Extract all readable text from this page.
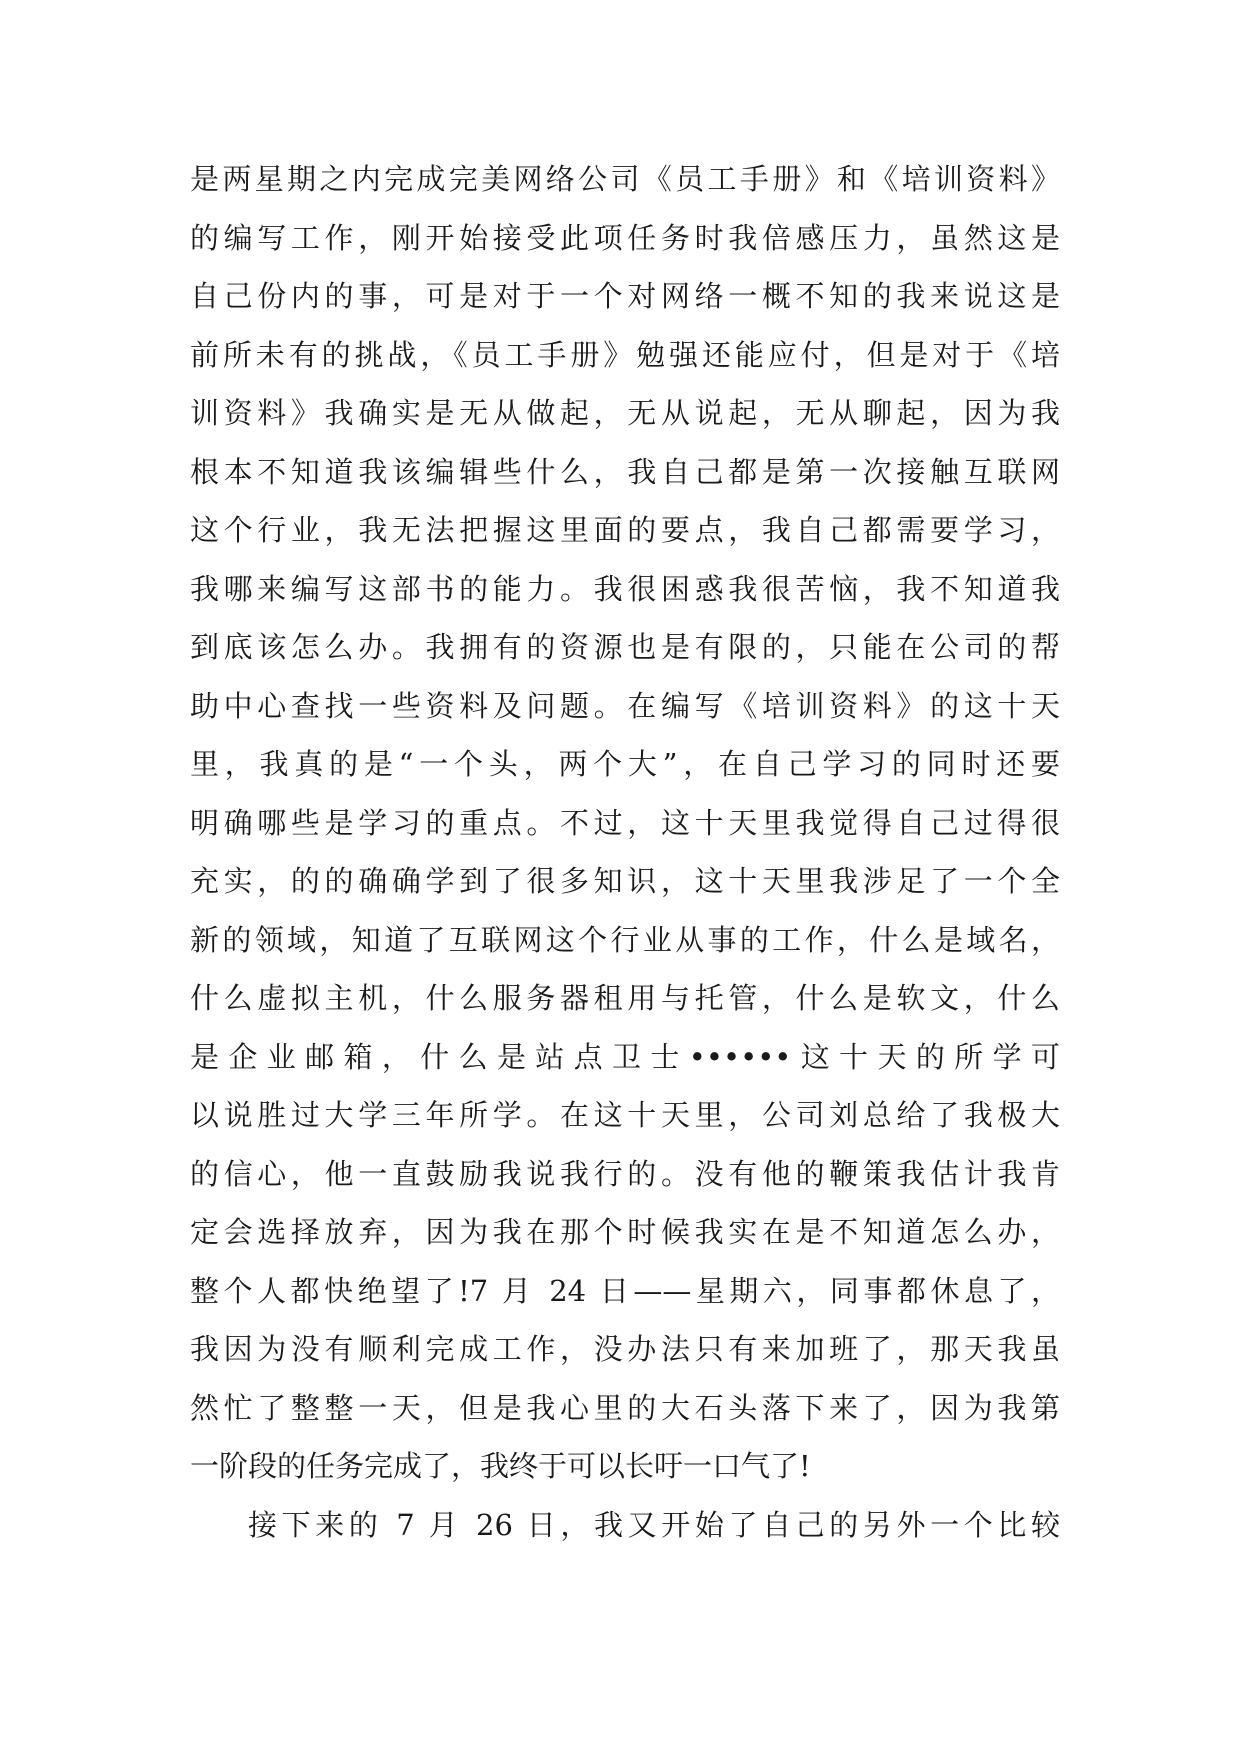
是两星期之内完成完美网络公司《员工手册》和《培训资料》
的编写工作，刚开始接受此项任务时我倍感压力，虽然这是
自己份内的事，可是对于一个对网络一概不知的我来说这是
前所未有的挑战，《员工手册》勉强还能应付，但是对于《培
训资料》我确实是无从做起，无从说起，无从聊起，因为我
根本不知道我该编辑些什么，我自己都是第一次接触互联网
这个行业，我无法把握这里面的要点，我自己都需要学习，
我哪来编写这部书的能力。我很困惑我很苦恼，我不知道我
到底该怎么办。我拥有的资源也是有限的，只能在公司的帮
助中心查找一些资料及问题。在编写《培训资料》的这十天
里，我真的是“一个头，两个大”，在自己学习的同时还要
明确哪些是学习的重点。不过，这十天里我觉得自己过得很
充实，的的确确学到了很多知识，这十天里我涉足了一个全
新的领域，知道了互联网这个行业从事的工作，什么是域名，
什么虚拟主机，什么服务器租用与托管，什么是软文，什么
是企业邮箱，什么是站点卫士••••••这十天的所学可
以说胜过大学三年所学。在这十天里，公司刘总给了我极大
的信心，他一直鼓励我说我行的。没有他的鞭策我估计我肯
定会选择放弃，因为我在那个时候我实在是不知道怎么办，
整个人都快绝望了!7 月 24 日——星期六，同事都休息了，
我因为没有顺利完成工作，没办法只有来加班了，那天我虽
然忙了整整一天，但是我心里的大石头落下来了，因为我第
一阶段的任务完成了，我终于可以长吁一口气了!
接下来的 7 月 26 日，我又开始了自己的另外一个比较
